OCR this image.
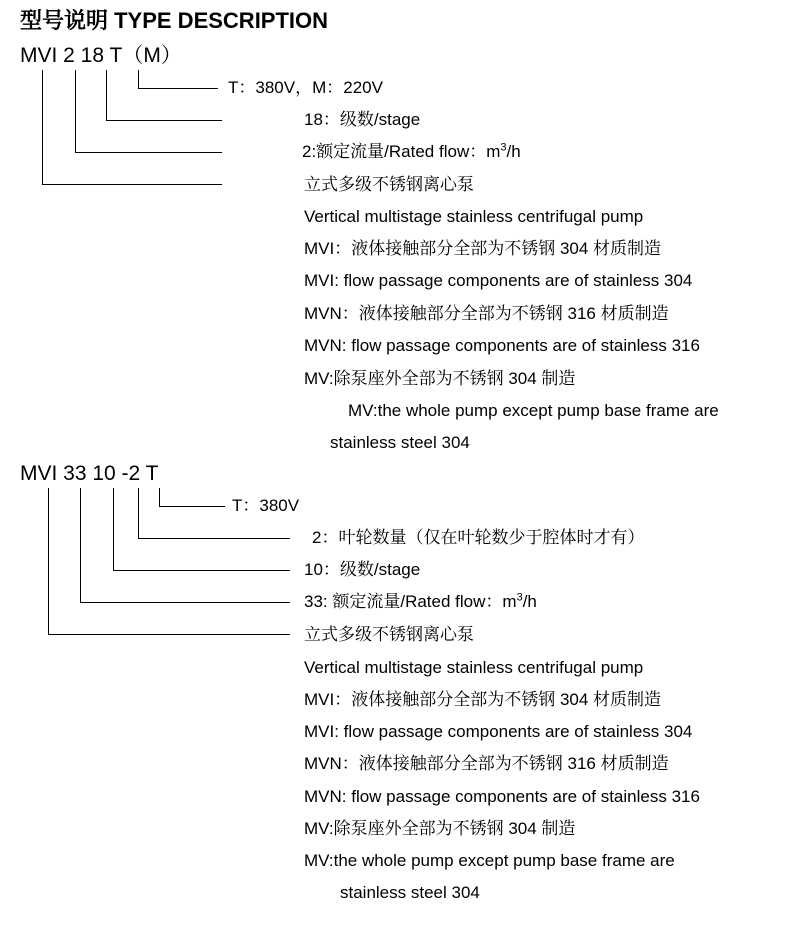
型号说明 TYPE DESCRIPTION
MVI 2 18 T（M）
T：380V，M：220V
18：级数/stage
2:额定流量/Rated flow：$m^3/h$
立式多级不锈钢离心泵
Vertical multistage stainless centrifugal pump
MVI：液体接触部分全部为不锈钢 304 材质制造
MVI: flow passage components are of stainless 304
MVN：液体接触部分全部为不锈钢 316 材质制造
MVN: flow passage components are of stainless 316
MV:除泵座外全部为不锈钢 304 制造
MV:the whole pump except pump base frame are
stainless steel 304
MVI 33 10 -2 T
T：380V
2：叶轮数量（仅在叶轮数少于腔体时才有）
10：级数/stage
33: 额定流量/Rated flow：$m^3/h$
立式多级不锈钢离心泵
Vertical multistage stainless centrifugal pump
MVI：液体接触部分全部为不锈钢 304 材质制造
MVI: flow passage components are of stainless 304
MVN：液体接触部分全部为不锈钢 316 材质制造
MVN: flow passage components are of stainless 316
MV:除泵座外全部为不锈钢 304 制造
MV:the whole pump except pump base frame are
stainless steel 304
